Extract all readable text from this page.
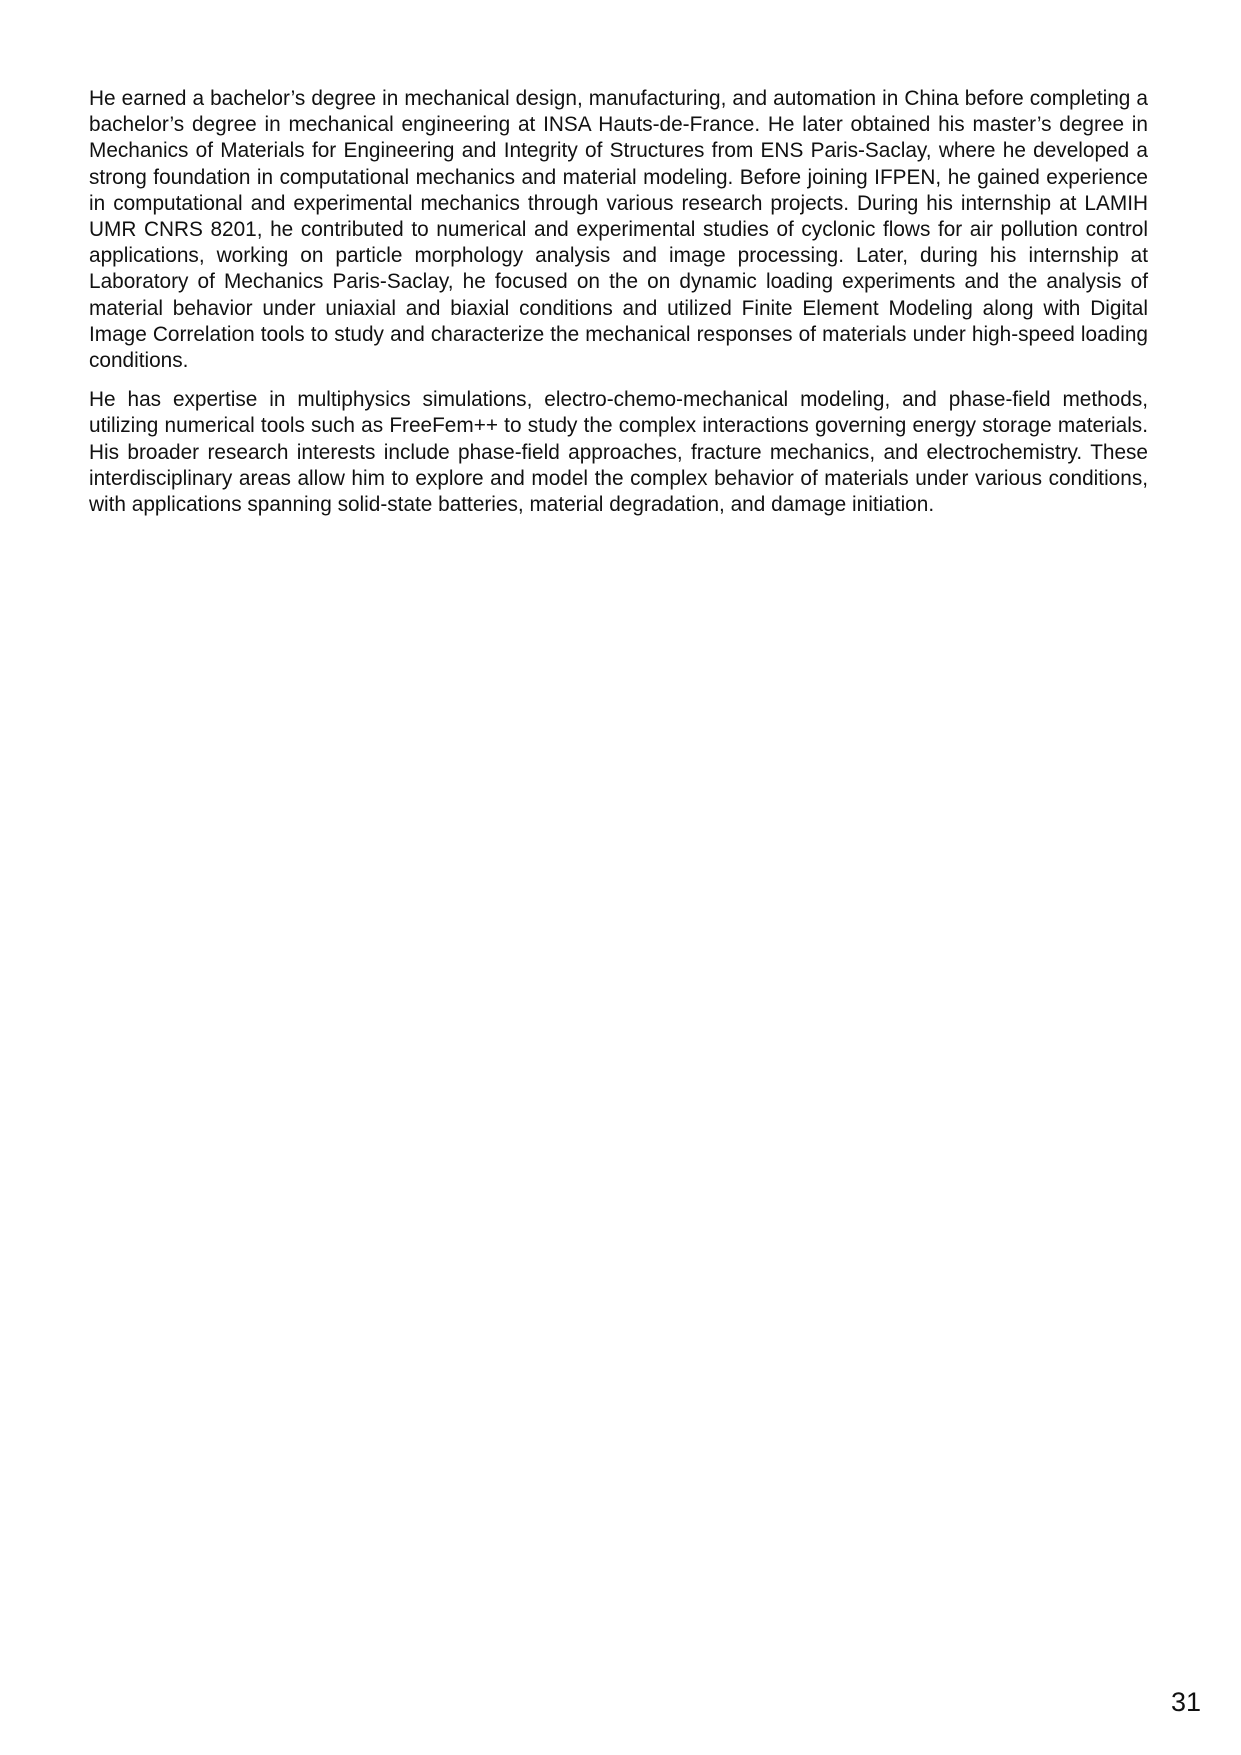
He earned a bachelor’s degree in mechanical design, manufacturing, and automation in China before completing a bachelor’s degree in mechanical engineering at INSA Hauts-de-France. He later obtained his master’s degree in Mechanics of Materials for Engineering and Integrity of Structures from ENS Paris-Saclay, where he developed a strong foundation in computational mechanics and material modeling. Before joining IFPEN, he gained experience in computational and experimental mechanics through various research projects. During his internship at LAMIH UMR CNRS 8201, he contributed to numerical and experimental studies of cyclonic flows for air pollution control applications, working on particle morphology analysis and image processing. Later, during his internship at Laboratory of Mechanics Paris-Saclay, he focused on the on dynamic loading experiments and the analysis of material behavior under uniaxial and biaxial conditions and utilized Finite Element Modeling along with Digital Image Correlation tools to study and characterize the mechanical responses of materials under high-speed loading conditions.

He has expertise in multiphysics simulations, electro-chemo-mechanical modeling, and phase-field methods, utilizing numerical tools such as FreeFem++ to study the complex interactions governing energy storage materials. His broader research interests include phase-field approaches, fracture mechanics, and electrochemistry. These interdisciplinary areas allow him to explore and model the complex behavior of materials under various conditions, with applications spanning solid-state batteries, material degradation, and damage initiation.

31
